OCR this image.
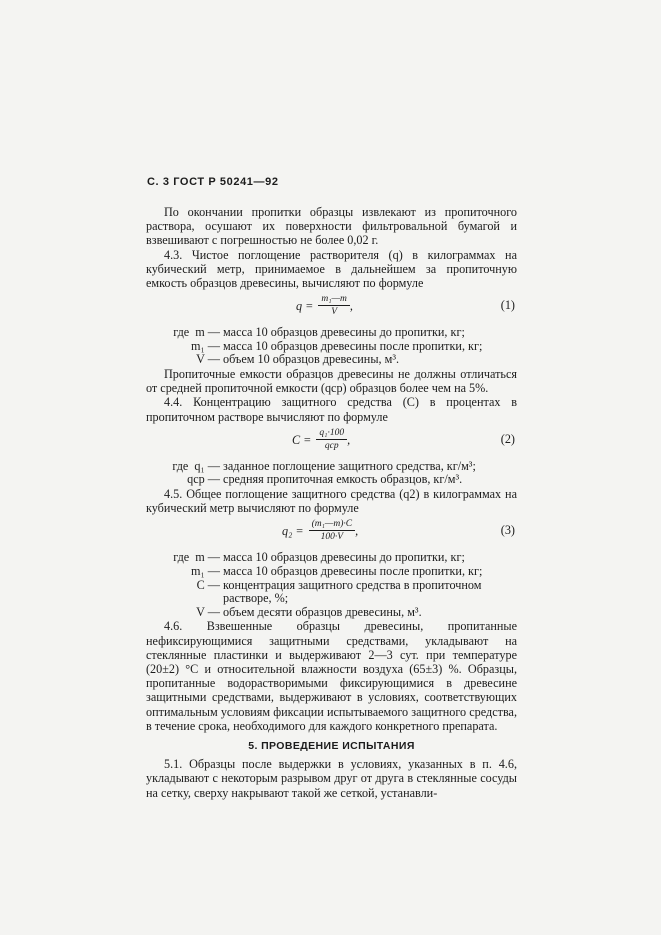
С. 3 ГОСТ Р 50241—92

По окончании пропитки образцы извлекают из пропиточного раствора, осушают их поверхности фильтровальной бумагой и взвешивают с погрешностью не более 0,02 г.

4.3. Чистое поглощение растворителя (q) в килограммах на кубический метр, принимаемое в дальнейшем за пропиточную емкость образцов древесины, вычисляют по формуле

$q = \frac{\text{m₁—m}}{V}$ ,	(1)
где  m —
масса 10 образцов древесины до пропитки, кг;
m₁ —
масса 10 образцов древесины после пропитки, кг;
V —
объем 10 образцов древесины, м³.

Пропиточные емкости образцов древесины не должны отличаться от средней пропиточной емкости (qср) образцов более чем на 5%.

4.4. Концентрацию защитного средства (C) в процентах в пропиточном растворе вычисляют по формуле

$C = \frac{\text{q₁·100}}{\text{qср}}$ ,	(2)
где  q₁ —
заданное поглощение защитного средства, кг/м³;
qср —
средняя пропиточная емкость образцов, кг/м³.

4.5. Общее поглощение защитного средства (q2) в килограммах на кубический метр вычисляют по формуле

$q_2 = \frac{\text{(m₁—m)·C}}{100\cdot V}$ ,	(3)
где  m —
масса 10 образцов древесины до пропитки, кг;
m₁ —
масса 10 образцов древесины после пропитки, кг;
C —
концентрация защитного средства в пропиточном растворе, %;
V —
объем десяти образцов древесины, м³.

4.6. Взвешенные образцы древесины, пропитанные нефиксирующимися защитными средствами, укладывают на стеклянные пластинки и выдерживают 2—3 сут. при температуре (20±2) °С и относительной влажности воздуха (65±3) %. Образцы, пропитанные водорастворимыми фиксирующимися в древесине защитными средствами, выдерживают в условиях, соответствующих оптимальным условиям фиксации испытываемого защитного средства, в течение срока, необходимого для каждого конкретного препарата.

5. ПРОВЕДЕНИЕ ИСПЫТАНИЯ

5.1. Образцы после выдержки в условиях, указанных в п. 4.6, укладывают с некоторым разрывом друг от друга в стеклянные сосуды на сетку, сверху накрывают такой же сеткой, устанавли-
